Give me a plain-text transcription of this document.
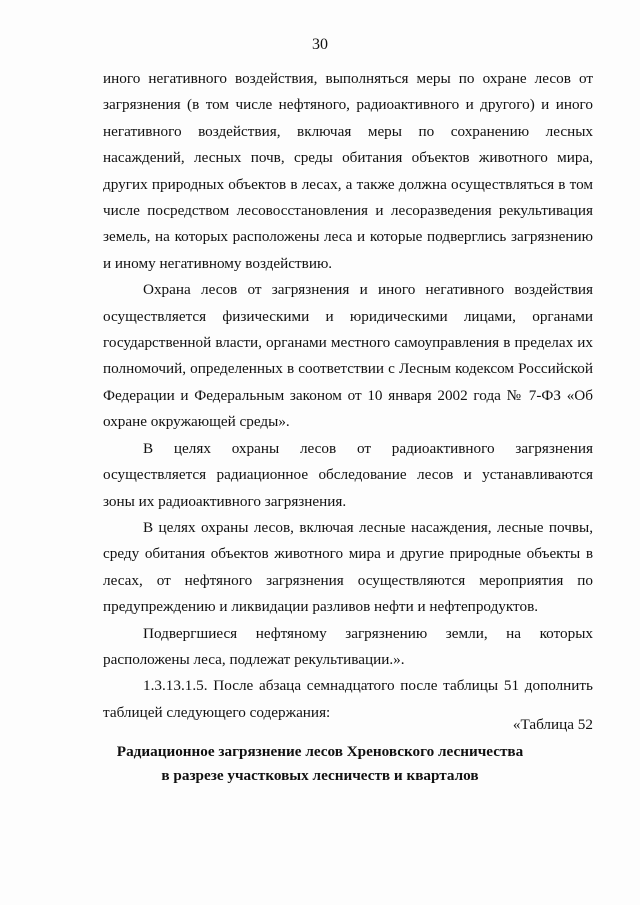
30

иного негативного воздействия, выполняться меры по охране лесов от загрязнения (в том числе нефтяного, радиоактивного и другого) и иного негативного воздействия, включая меры по сохранению лесных насаждений, лесных почв, среды обитания объектов животного мира, других природных объектов в лесах, а также должна осуществляться в том числе посредством лесовосстановления и лесоразведения рекультивация земель, на которых расположены леса и которые подверглись загрязнению и иному негативному воздействию.

Охрана лесов от загрязнения и иного негативного воздействия осуществляется физическими и юридическими лицами, органами государственной власти, органами местного самоуправления в пределах их полномочий, определенных в соответствии с Лесным кодексом Российской Федерации и Федеральным законом от 10 января 2002 года № 7-ФЗ «Об охране окружающей среды».

В целях охраны лесов от радиоактивного загрязнения осуществляется радиационное обследование лесов и устанавливаются зоны их радиоактивного загрязнения.

В целях охраны лесов, включая лесные насаждения, лесные почвы, среду обитания объектов животного мира и другие природные объекты в лесах, от нефтяного загрязнения осуществляются мероприятия по предупреждению и ликвидации разливов нефти и нефтепродуктов.

Подвергшиеся нефтяному загрязнению земли, на которых расположены леса, подлежат рекультивации.».

1.3.13.1.5. После абзаца семнадцатого после таблицы 51 дополнить таблицей следующего содержания:

«Таблица 52
Радиационное загрязнение лесов Хреновского лесничества
в разрезе участковых лесничеств и кварталов
